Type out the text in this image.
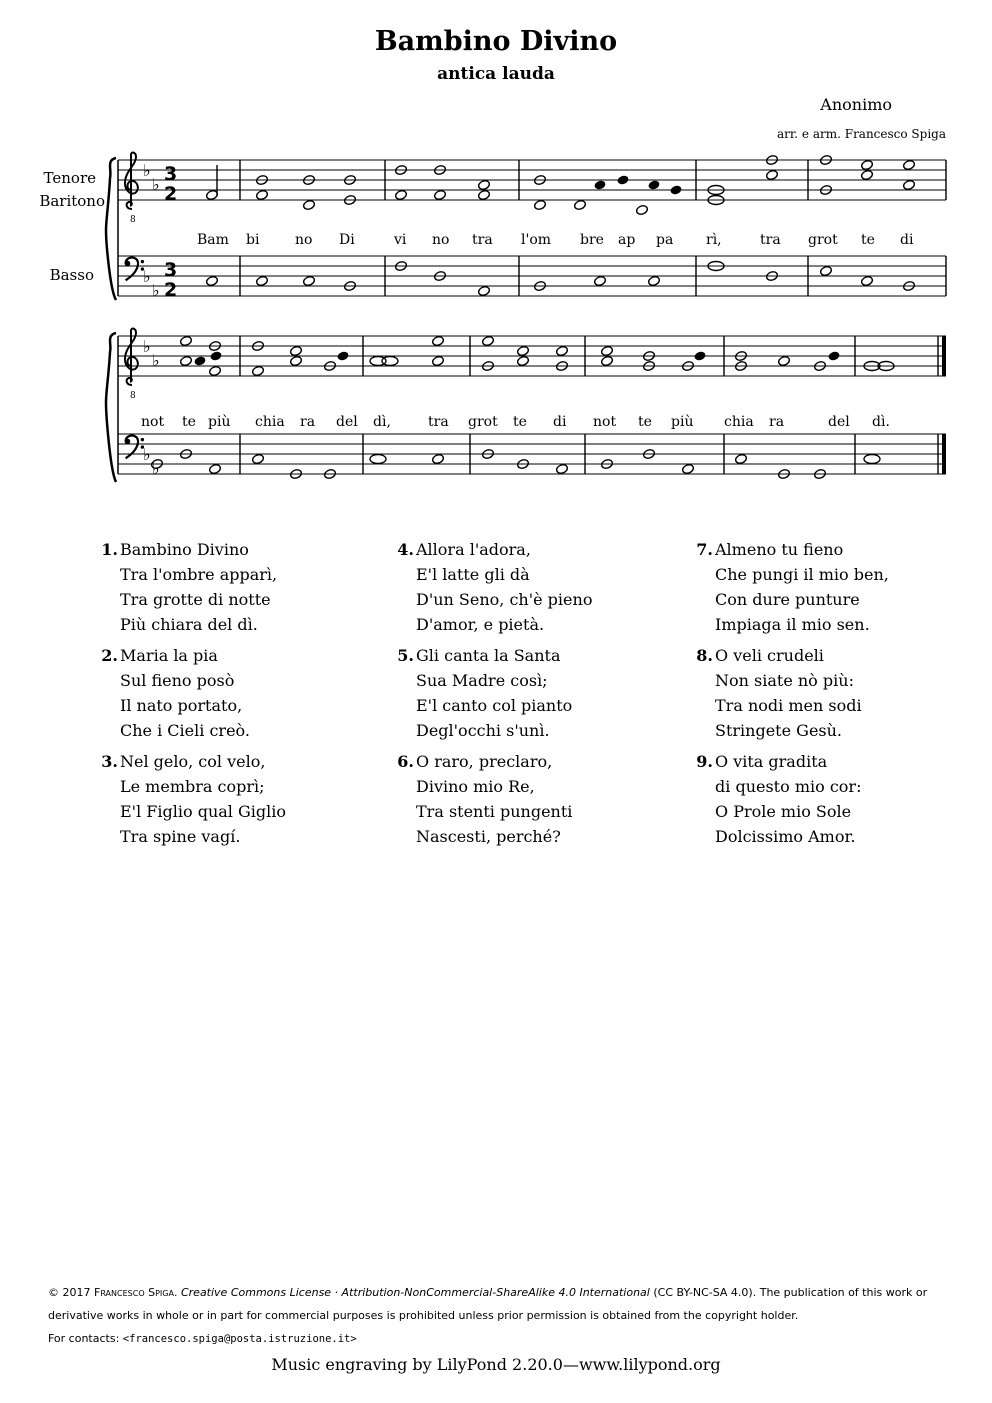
Bambino Divino
antica lauda
Anonimo
arr. e arm. Francesco Spiga
Tenore
Baritono
Basso
8
♭
♭
♭
♭
3
2
3
2
Bam bi	no Di	vi no tra l'om bre ap pa rì,	tra grot te di
8
♭
♭
♭
♭
not te più chia ra del dì,	tra grot te di not te più chia ra	del dì.
1. Bambino Divino
Tra l'ombre apparì,
Tra grotte di notte
Più chiara del dì.
2. Maria la pia
Sul fieno posò
Il nato portato,
Che i Cieli creò.
3. Nel gelo, col velo,
Le membra coprì;
E'l Figlio qual Giglio
Tra spine vagí.
4. Allora l'adora,
E'l latte gli dà
D'un Seno, ch'è pieno
D'amor, e pietà.
5. Gli canta la Santa
Sua Madre così;
E'l canto col pianto
Degl'occhi s'unì.
6. O raro, preclaro,
Divino mio Re,
Tra stenti pungenti
Nascesti, perché?
7. Almeno tu fieno
Che pungi il mio ben,
Con dure punture
Impiaga il mio sen.
8. O veli crudeli
Non siate nò più:
Tra nodi men sodi
Stringete Gesù.
9. O vita gradita
di questo mio cor:
O Prole mio Sole
Dolcissimo Amor.
© 2017 Francesco Spiga. Creative Commons License · Attribution-NonCommercial-ShareAlike 4.0 International (CC BY-NC-SA 4.0). The publication of this work or derivative works in whole or in part for commercial purposes is prohibited unless prior permission is obtained from the copyright holder.
For contacts: <francesco.spiga@posta.istruzione.it>
Music engraving by LilyPond 2.20.0—www.lilypond.org
